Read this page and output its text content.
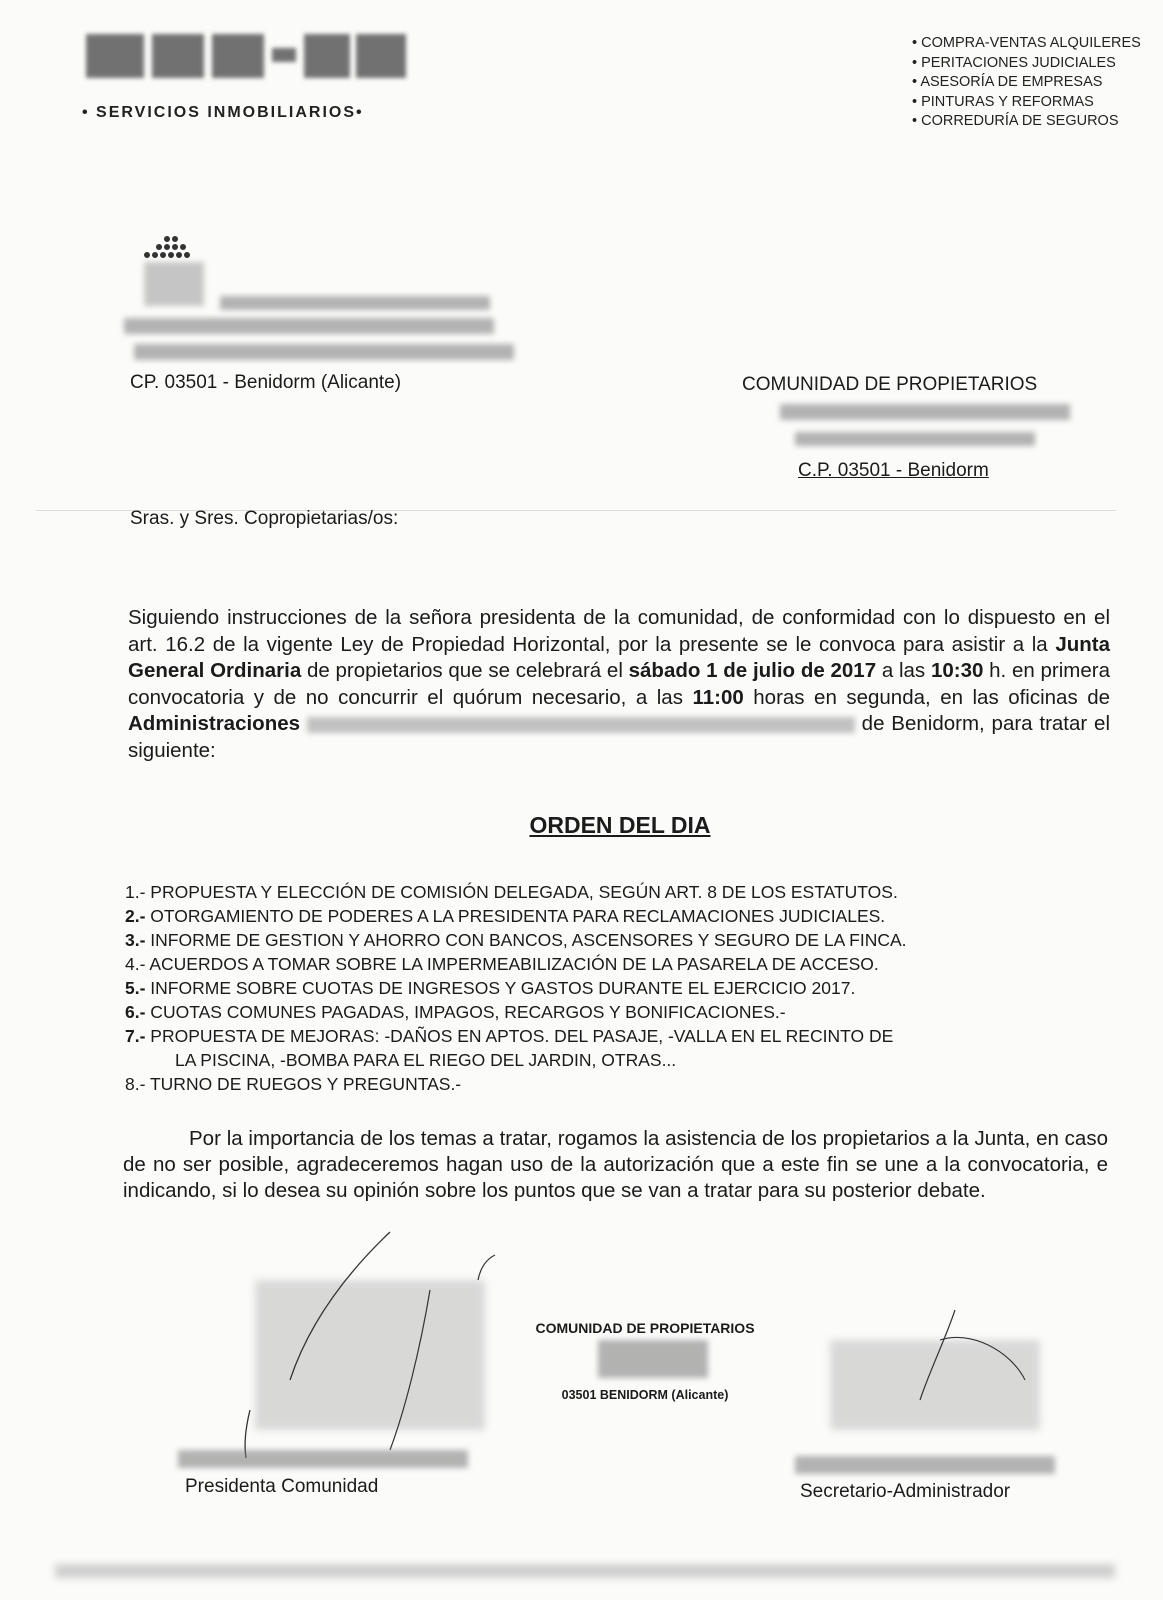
• SERVICIOS INMOBILIARIOS•
• COMPRA-VENTAS ALQUILERES
• PERITACIONES JUDICIALES
• ASESORÍA DE EMPRESAS
• PINTURAS Y REFORMAS
• CORREDURÍA DE SEGUROS
CP. 03501 - Benidorm (Alicante)	COMUNIDAD DE PROPIETARIOS
C.P. 03501 - Benidorm
Sras. y Sres. Copropietarias/os:

Siguiendo instrucciones de la señora presidenta de la comunidad, de conformidad con lo dispuesto en el art. 16.2 de la vigente Ley de Propiedad Horizontal, por la presente se le convoca para asistir a la Junta General Ordinaria de propietarios que se celebrará el sábado 1 de julio de 2017 a las 10:30 h. en primera convocatoria y de no concurrir el quórum necesario, a las 11:00 horas en segunda, en las oficinas de Administraciones	de Benidorm, para tratar el siguiente:

ORDEN DEL DIA
1.- PROPUESTA Y ELECCIÓN DE COMISIÓN DELEGADA, SEGÚN ART. 8 DE LOS ESTATUTOS.
2.- OTORGAMIENTO DE PODERES A LA PRESIDENTA PARA RECLAMACIONES JUDICIALES.
3.- INFORME DE GESTION Y AHORRO CON BANCOS, ASCENSORES Y SEGURO DE LA FINCA.
4.- ACUERDOS A TOMAR SOBRE LA IMPERMEABILIZACIÓN DE LA PASARELA DE ACCESO.
5.- INFORME SOBRE CUOTAS DE INGRESOS Y GASTOS DURANTE EL EJERCICIO 2017.
6.- CUOTAS COMUNES PAGADAS, IMPAGOS, RECARGOS Y BONIFICACIONES.-
7.- PROPUESTA DE MEJORAS: -DAÑOS EN APTOS. DEL PASAJE, -VALLA EN EL RECINTO DE
LA PISCINA, -BOMBA PARA EL RIEGO DEL JARDIN, OTRAS...
8.- TURNO DE RUEGOS Y PREGUNTAS.-

Por la importancia de los temas a tratar, rogamos la asistencia de los propietarios a la Junta, en caso de no ser posible, agradeceremos hagan uso de la autorización que a este fin se une a la convocatoria, e indicando, si lo desea su opinión sobre los puntos que se van a tratar para su posterior debate.

Presidenta Comunidad
COMUNIDAD DE PROPIETARIOS
03501 BENIDORM (Alicante)
Secretario-Administrador
